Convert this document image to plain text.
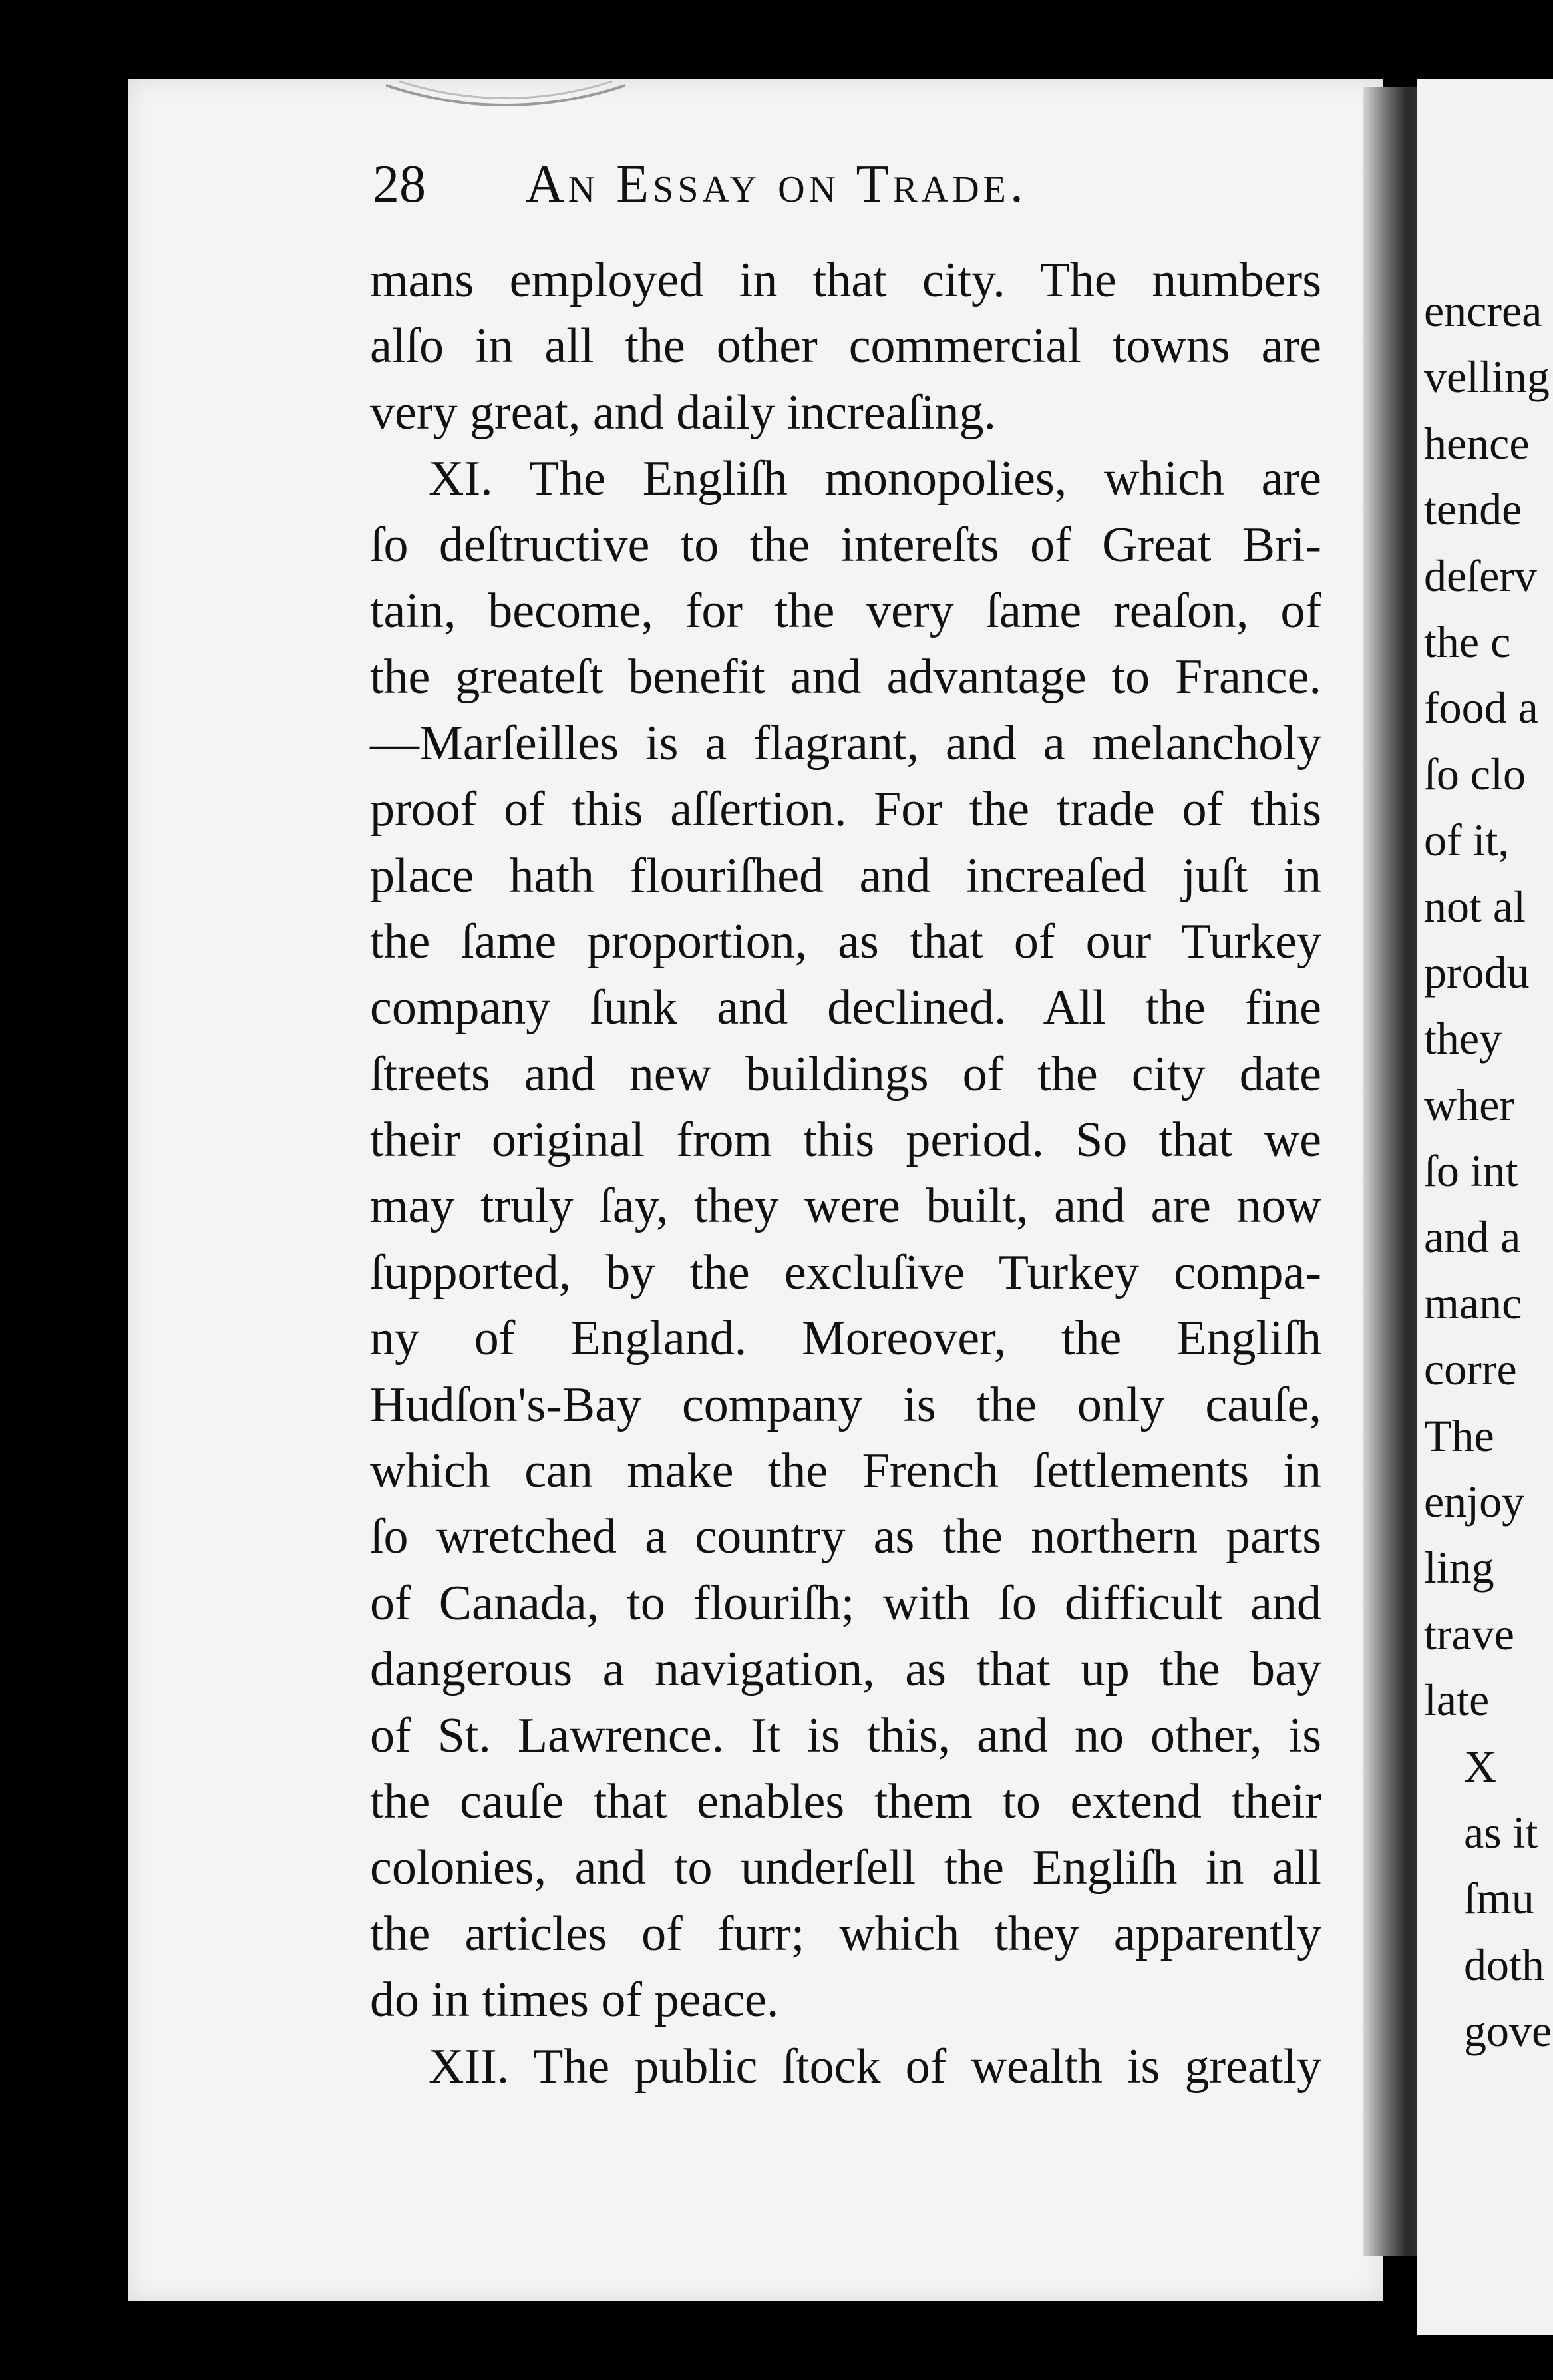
28 An Essay on Trade.
mans employed in that city. The numbers
alſo in all the other commercial towns are
very great, and daily increaſing.
XI. The Engliſh monopolies, which are
ſo deſtructive to the intereſts of Great Bri-
tain, become, for the very ſame reaſon, of
the greateſt benefit and advantage to France.
—Marſeilles is a flagrant, and a melancholy
proof of this aſſertion. For the trade of this
place hath flouriſhed and increaſed juſt in
the ſame proportion, as that of our Turkey
company ſunk and declined. All the fine
ſtreets and new buildings of the city date
their original from this period. So that we
may truly ſay, they were built, and are now
ſupported, by the excluſive Turkey compa-
ny of England. Moreover, the Engliſh
Hudſon's-Bay company is the only cauſe,
which can make the French ſettlements in
ſo wretched a country as the northern parts
of Canada, to flouriſh; with ſo difficult and
dangerous a navigation, as that up the bay
of St. Lawrence. It is this, and no other, is
the cauſe that enables them to extend their
colonies, and to underſell the Engliſh in all
the articles of furr; which they apparently
do in times of peace.
XII. The public ſtock of wealth is greatly
encrea
velling
hence
tende
deſerv
the c
food a
ſo clo
of it,
not al
produ
they
wher
ſo int
and a
manc
corre
The
enjoy
ling
trave
late
X
as it
ſmu
doth
gove
